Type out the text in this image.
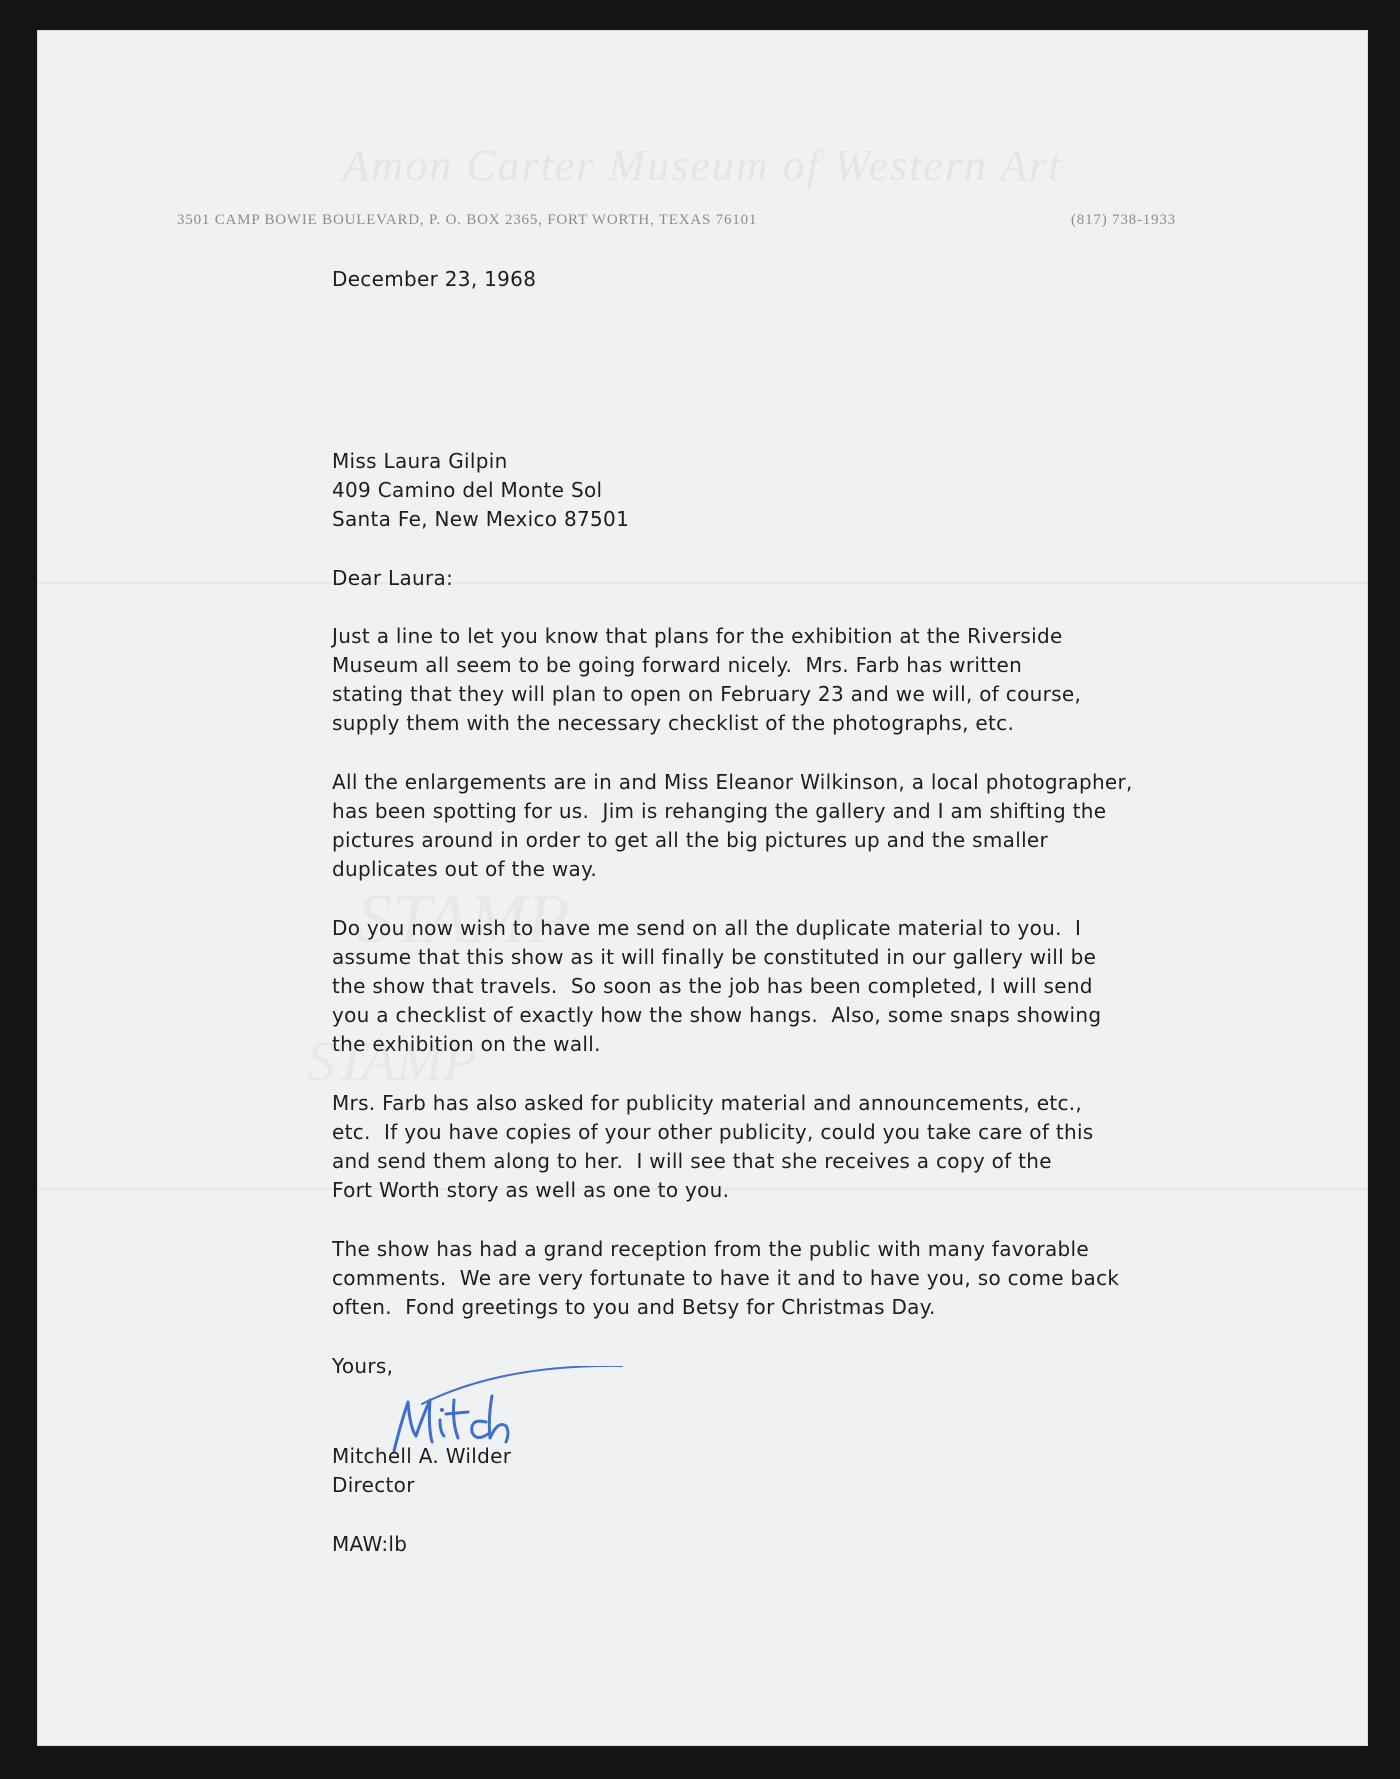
Amon Carter Museum of Western Art
3501 CAMP BOWIE BOULEVARD, P. O. BOX 2365, FORT WORTH, TEXAS 76101	(817) 738-1933
December 23, 1968
Miss Laura Gilpin
409 Camino del Monte Sol
Santa Fe, New Mexico 87501
Dear Laura:
Just a line to let you know that plans for the exhibition at the Riverside
Museum all seem to be going forward nicely.  Mrs. Farb has written
stating that they will plan to open on February 23 and we will, of course,
supply them with the necessary checklist of the photographs, etc.
All the enlargements are in and Miss Eleanor Wilkinson, a local photographer,
has been spotting for us.  Jim is rehanging the gallery and I am shifting the
pictures around in order to get all the big pictures up and the smaller
duplicates out of the way.
Do you now wish to have me send on all the duplicate material to you.  I
assume that this show as it will finally be constituted in our gallery will be
the show that travels.  So soon as the job has been completed, I will send
you a checklist of exactly how the show hangs.  Also, some snaps showing
the exhibition on the wall.
Mrs. Farb has also asked for publicity material and announcements, etc.,
etc.  If you have copies of your other publicity, could you take care of this
and send them along to her.  I will see that she receives a copy of the
Fort Worth story as well as one to you.
The show has had a grand reception from the public with many favorable
comments.  We are very fortunate to have it and to have you, so come back
often.  Fond greetings to you and Betsy for Christmas Day.
Yours,
Mitchell A. Wilder
Director
MAW:lb
